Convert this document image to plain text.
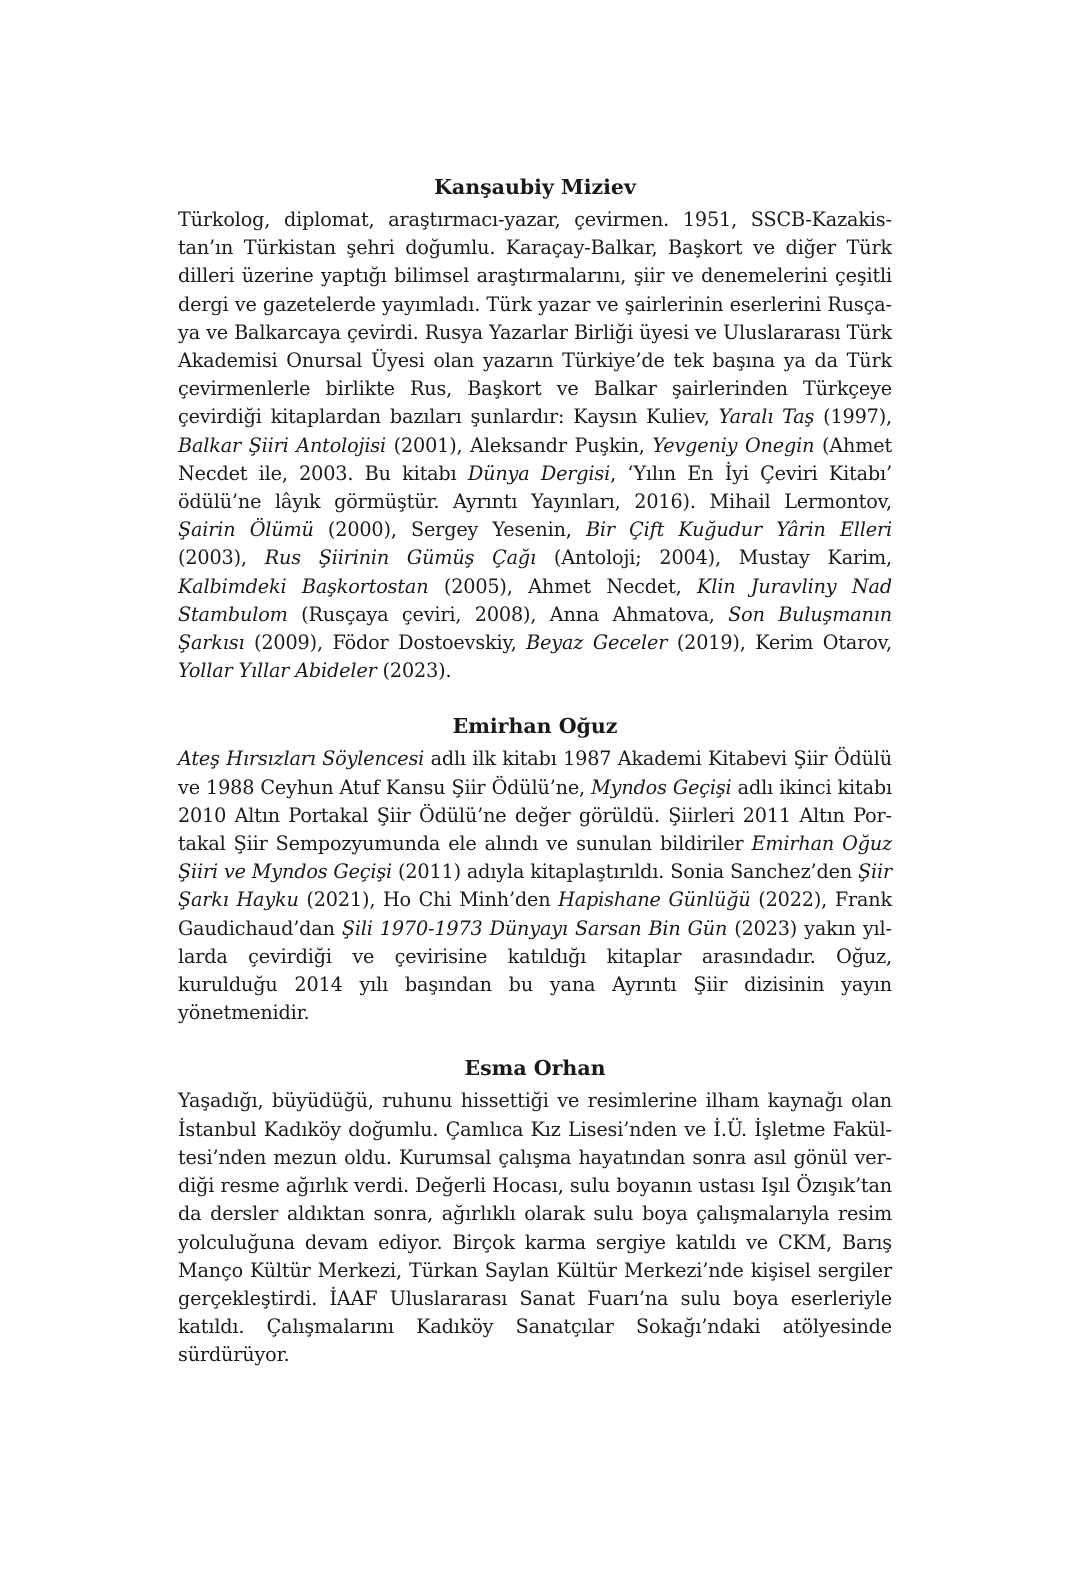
Kanşaubiy Miziev

Türkolog, diplomat, araştırmacı-yazar, çevirmen. 1951, SSCB-Kazakistan’ın Türkistan şehri doğumlu. Karaçay-Balkar, Başkort ve diğer Türk dilleri üzerine yaptığı bilimsel araştırmalarını, şiir ve denemelerini çeşitli dergi ve gazetelerde yayımladı. Türk yazar ve şairlerinin eserlerini Rusçaya ve Balkarcaya çevirdi. Rusya Yazarlar Birliği üyesi ve Uluslararası Türk Akademisi Onursal Üyesi olan yazarın Türkiye’de tek başına ya da Türk çevirmenlerle birlikte Rus, Başkort ve Balkar şairlerinden Türkçeye çevirdiği kitaplardan bazıları şunlardır: Kaysın Kuliev, Yaralı Taş (1997), Balkar Şiiri Antolojisi (2001), Aleksandr Puşkin, Yevgeniy Onegin (Ahmet Necdet ile, 2003. Bu kitabı Dünya Dergisi, ‘Yılın En İyi Çeviri Kitabı’ ödülü’ne lâyık görmüştür. Ayrıntı Yayınları, 2016). Mihail Lermontov, Şairin Ölümü (2000), Sergey Yesenin, Bir Çift Kuğudur Yârin Elleri (2003), Rus Şiirinin Gümüş Çağı (Antoloji; 2004), Mustay Karim, Kalbimdeki Başkortostan (2005), Ahmet Necdet, Klin Juravliny Nad Stambulom (Rusçaya çeviri, 2008), Anna Ahmatova, Son Buluşmanın Şarkısı (2009), Födor Dostoevskiy, Beyaz Geceler (2019), Kerim Otarov, Yollar Yıllar Abideler (2023).

Emirhan Oğuz

Ateş Hırsızları Söylencesi adlı ilk kitabı 1987 Akademi Kitabevi Şiir Ödülü ve 1988 Ceyhun Atuf Kansu Şiir Ödülü’ne, Myndos Geçişi adlı ikinci kitabı 2010 Altın Portakal Şiir Ödülü’ne değer görüldü. Şiirleri 2011 Altın Portakal Şiir Sempozyumunda ele alındı ve sunulan bildiriler Emirhan Oğuz Şiiri ve Myndos Geçişi (2011) adıyla kitaplaştırıldı. Sonia Sanchez’den Şiir Şarkı Hayku (2021), Ho Chi Minh’den Hapishane Günlüğü (2022), Frank Gaudichaud’dan Şili 1970-1973 Dünyayı Sarsan Bin Gün (2023) yakın yıllarda çevirdiği ve çevirisine katıldığı kitaplar arasındadır. Oğuz, kurulduğu 2014 yılı başından bu yana Ayrıntı Şiir dizisinin yayın yönetmenidir.

Esma Orhan

Yaşadığı, büyüdüğü, ruhunu hissettiği ve resimlerine ilham kaynağı olan İstanbul Kadıköy doğumlu. Çamlıca Kız Lisesi’nden ve İ.Ü. İşletme Fakültesi’nden mezun oldu. Kurumsal çalışma hayatından sonra asıl gönül verdiği resme ağırlık verdi. Değerli Hocası, sulu boyanın ustası Işıl Özışık’tan da dersler aldıktan sonra, ağırlıklı olarak sulu boya çalışmalarıyla resim yolculuğuna devam ediyor. Birçok karma sergiye katıldı ve CKM, Barış Manço Kültür Merkezi, Türkan Saylan Kültür Merkezi’nde kişisel sergiler gerçekleştirdi. İAAF Uluslararası Sanat Fuarı’na sulu boya eserleriyle katıldı. Çalışmalarını Kadıköy Sanatçılar Sokağı’ndaki atölyesinde sürdürüyor.
